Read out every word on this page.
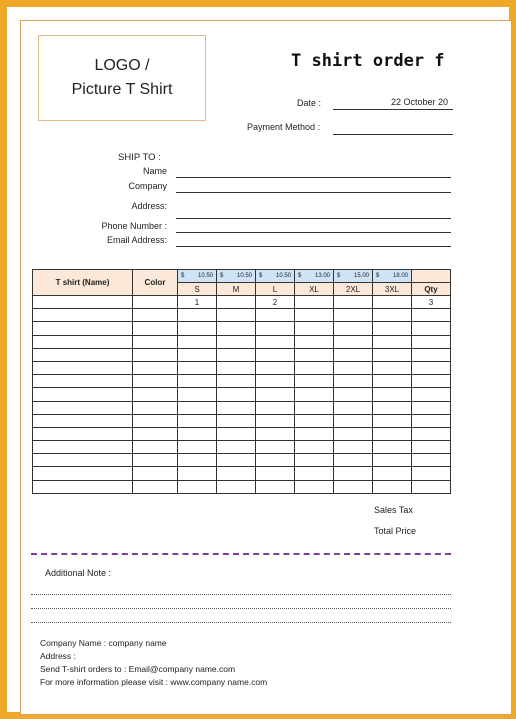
LOGO /
Picture T Shirt
T shirt order f
Date :	22 October 20
Payment Method :
SHIP TO :
Name
Company
Address:
Phone Number :
Email Address:
T shirt (Name)	Color	$ 10.50	$ 10.50	$ 10.50	$ 13.00	$ 15.00	$ 18.00	

		S	M	L	XL	2XL	3XL	Qty
		1		2				3

Sales Tax
Total Price
Additional Note :
Company Name : company name
Address :
Send T-shirt orders to : Email@company name.com
For more information please visit : www.company name.com
